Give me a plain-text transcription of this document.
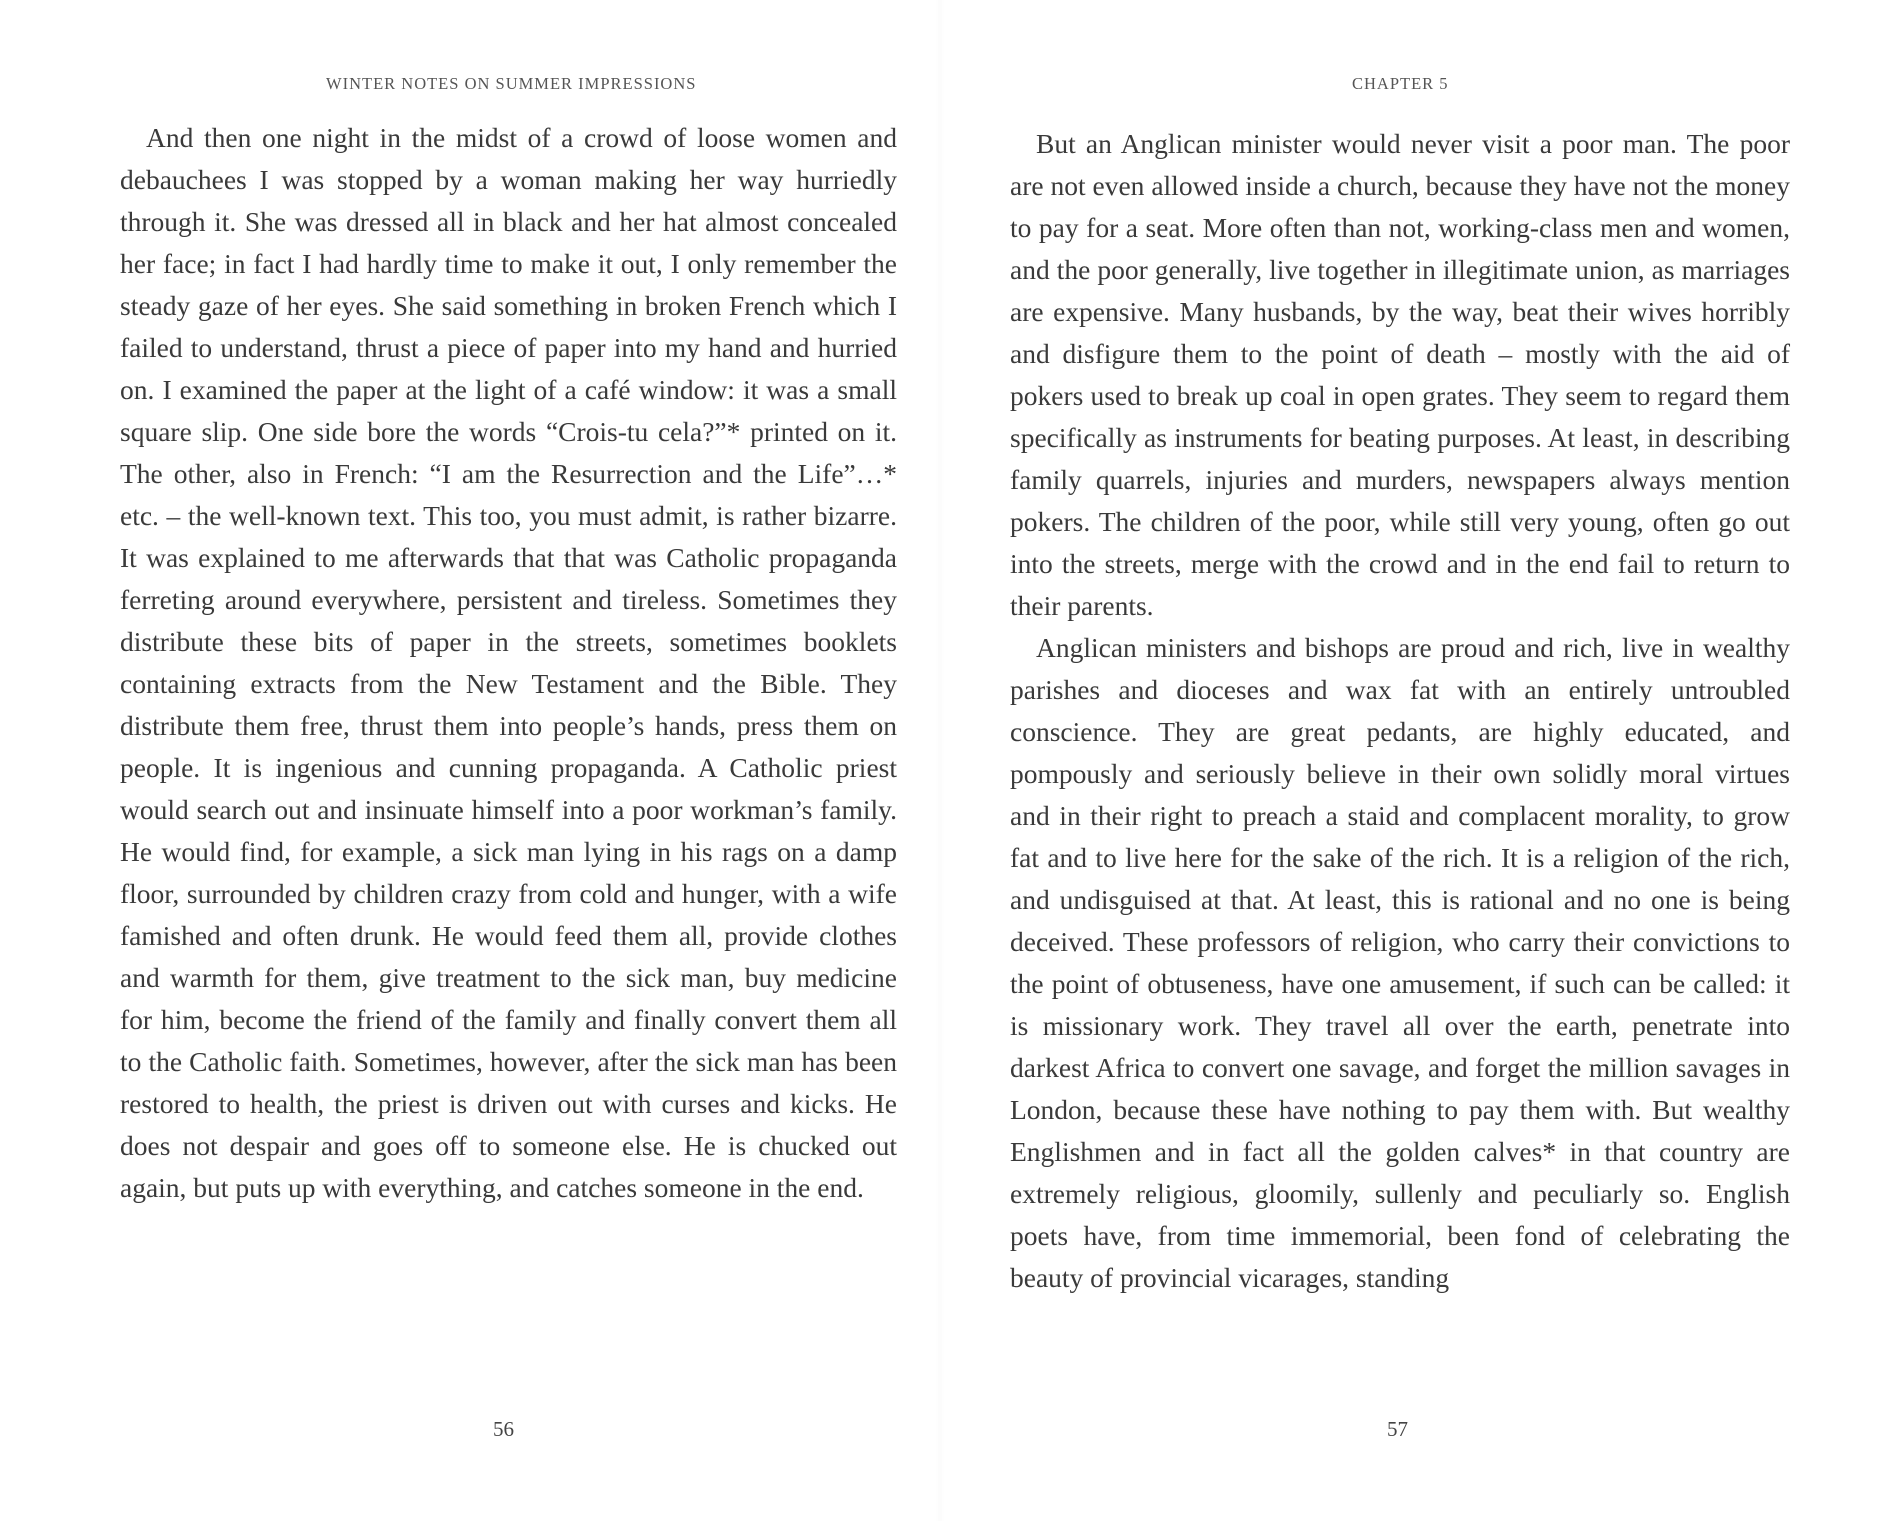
WINTER NOTES ON SUMMER IMPRESSIONS

And then one night in the midst of a crowd of loose women and debauchees I was stopped by a woman making her way hurriedly through it. She was dressed all in black and her hat almost concealed her face; in fact I had hardly time to make it out, I only remember the steady gaze of her eyes. She said something in broken French which I failed to understand, thrust a piece of paper into my hand and hurried on. I examined the paper at the light of a café window: it was a small square slip. One side bore the words “Crois-tu cela?”* printed on it. The other, also in French: “I am the Resurrection and the Life”…* etc. – the well-known text. This too, you must admit, is rather bizarre. It was explained to me afterwards that that was Catholic propaganda ferreting around everywhere, persistent and tireless. Sometimes they distribute these bits of paper in the streets, sometimes booklets containing extracts from the New Testament and the Bible. They distribute them free, thrust them into people’s hands, press them on people. It is ingenious and cunning propaganda. A Catholic priest would search out and insinuate himself into a poor workman’s family. He would find, for example, a sick man lying in his rags on a damp floor, surrounded by children crazy from cold and hunger, with a wife famished and often drunk. He would feed them all, provide clothes and warmth for them, give treatment to the sick man, buy medicine for him, become the friend of the family and finally convert them all to the Catholic faith. Sometimes, however, after the sick man has been restored to health, the priest is driven out with curses and kicks. He does not despair and goes off to someone else. He is chucked out again, but puts up with everything, and catches someone in the end.

56
CHAPTER 5

But an Anglican minister would never visit a poor man. The poor are not even allowed inside a church, because they have not the money to pay for a seat. More often than not, working-class men and women, and the poor generally, live together in illegitimate union, as marriages are expensive. Many husbands, by the way, beat their wives horribly and disfigure them to the point of death – mostly with the aid of pokers used to break up coal in open grates. They seem to regard them specifically as instruments for beating purposes. At least, in describing family quarrels, injuries and murders, newspapers always mention pokers. The children of the poor, while still very young, often go out into the streets, merge with the crowd and in the end fail to return to their parents.

Anglican ministers and bishops are proud and rich, live in wealthy parishes and dioceses and wax fat with an entirely untroubled conscience. They are great pedants, are highly educated, and pompously and seriously believe in their own solidly moral virtues and in their right to preach a staid and complacent morality, to grow fat and to live here for the sake of the rich. It is a religion of the rich, and undisguised at that. At least, this is rational and no one is being deceived. These professors of religion, who carry their convictions to the point of obtuseness, have one amusement, if such can be called: it is missionary work. They travel all over the earth, penetrate into darkest Africa to convert one savage, and forget the million savages in London, because these have nothing to pay them with. But wealthy Englishmen and in fact all the golden calves* in that country are extremely religious, gloomily, sullenly and peculiarly so. English poets have, from time immemorial, been fond of celebrating the beauty of provincial vicarages, standing

57
